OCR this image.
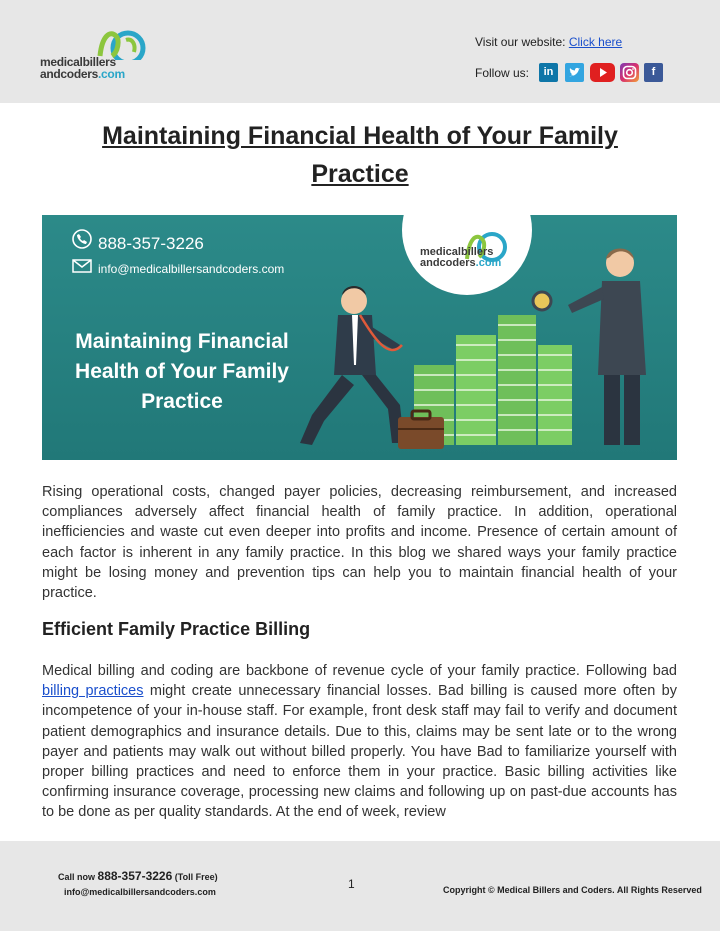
medicalbillers
andcoders.com
Visit our website: Click here
Follow us:	in	f
Maintaining Financial Health of Your Family Practice
888-357-3226
info@medicalbillersandcoders.com
Maintaining Financial Health of Your Family Practice
medicalbillers
andcoders.com

Rising operational costs, changed payer policies, decreasing reimbursement, and increased compliances adversely affect financial health of family practice. In addition, operational inefficiencies and waste cut even deeper into profits and income. Presence of certain amount of each factor is inherent in any family practice. In this blog we shared ways your family practice might be losing money and prevention tips can help you to maintain financial health of your practice.

Efficient Family Practice Billing

Medical billing and coding are backbone of revenue cycle of your family practice. Following bad billing practices might create unnecessary financial losses. Bad billing is caused more often by incompetence of your in-house staff. For example, front desk staff may fail to verify and document patient demographics and insurance details. Due to this, claims may be sent late or to the wrong payer and patients may walk out without billed properly. You have Bad to familiarize yourself with proper billing practices and need to enforce them in your practice. Basic billing activities like confirming insurance coverage, processing new claims and following up on past-due accounts has to be done as per quality standards. At the end of week, review

Call now 888-357-3226 (Toll Free)
info@medicalbillersandcoders.com
1	Copyright © Medical Billers and Coders. All Rights Reserved
